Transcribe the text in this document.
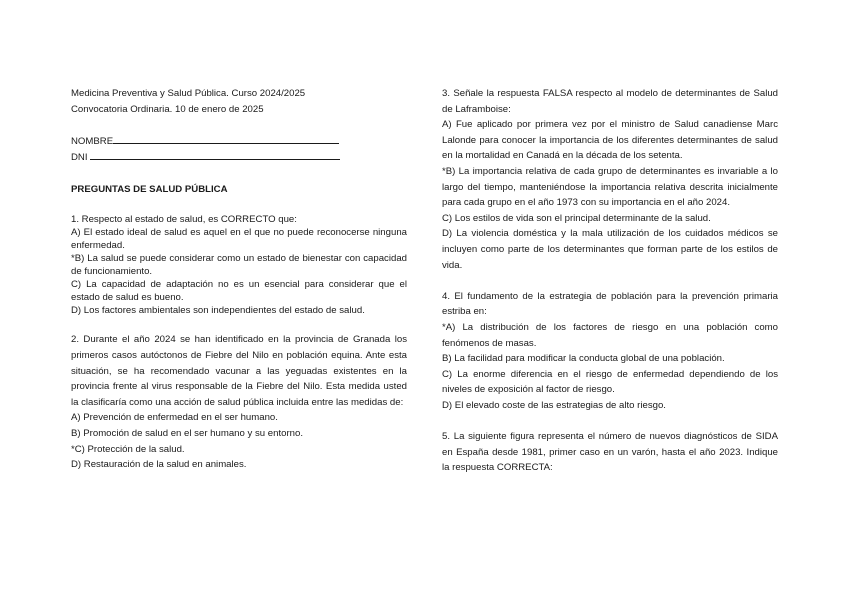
Medicina Preventiva y Salud Pública. Curso 2024/2025
Convocatoria Ordinaria. 10 de enero de 2025
NOMBRE
DNI
PREGUNTAS DE SALUD PÚBLICA

1. Respecto al estado de salud, es CORRECTO que:

A) El estado ideal de salud es aquel en el que no puede reconocerse ninguna enfermedad.

*B) La salud se puede considerar como un estado de bienestar con capacidad de funcionamiento.

C) La capacidad de adaptación no es un esencial para considerar que el estado de salud es bueno.

D) Los factores ambientales son independientes del estado de salud.

2. Durante el año 2024 se han identificado en la provincia de Granada los primeros casos autóctonos de Fiebre del Nilo en población equina. Ante esta situación, se ha recomendado vacunar a las yeguadas existentes en la provincia frente al virus responsable de la Fiebre del Nilo. Esta medida usted la clasificaría como una acción de salud pública incluida entre las medidas de:

A) Prevención de enfermedad en el ser humano.

B) Promoción de salud en el ser humano y su entorno.

*C) Protección de la salud.

D) Restauración de la salud en animales.

3. Señale la respuesta FALSA respecto al modelo de determinantes de Salud de Laframboise:

A) Fue aplicado por primera vez por el ministro de Salud canadiense Marc Lalonde para conocer la importancia de los diferentes determinantes de salud en la mortalidad en Canadá en la década de los setenta.

*B) La importancia relativa de cada grupo de determinantes es invariable a lo largo del tiempo, manteniéndose la importancia relativa descrita inicialmente para cada grupo en el año 1973 con su importancia en el año 2024.

C) Los estilos de vida son el principal determinante de la salud.

D) La violencia doméstica y la mala utilización de los cuidados médicos se incluyen como parte de los determinantes que forman parte de los estilos de vida.

4. El fundamento de la estrategia de población para la prevención primaria estriba en:

*A) La distribución de los factores de riesgo en una población como fenómenos de masas.

B) La facilidad para modificar la conducta global de una población.

C) La enorme diferencia en el riesgo de enfermedad dependiendo de los niveles de exposición al factor de riesgo.

D) El elevado coste de las estrategias de alto riesgo.

5. La siguiente figura representa el número de nuevos diagnósticos de SIDA en España desde 1981, primer caso en un varón, hasta el año 2023. Indique la respuesta CORRECTA:
